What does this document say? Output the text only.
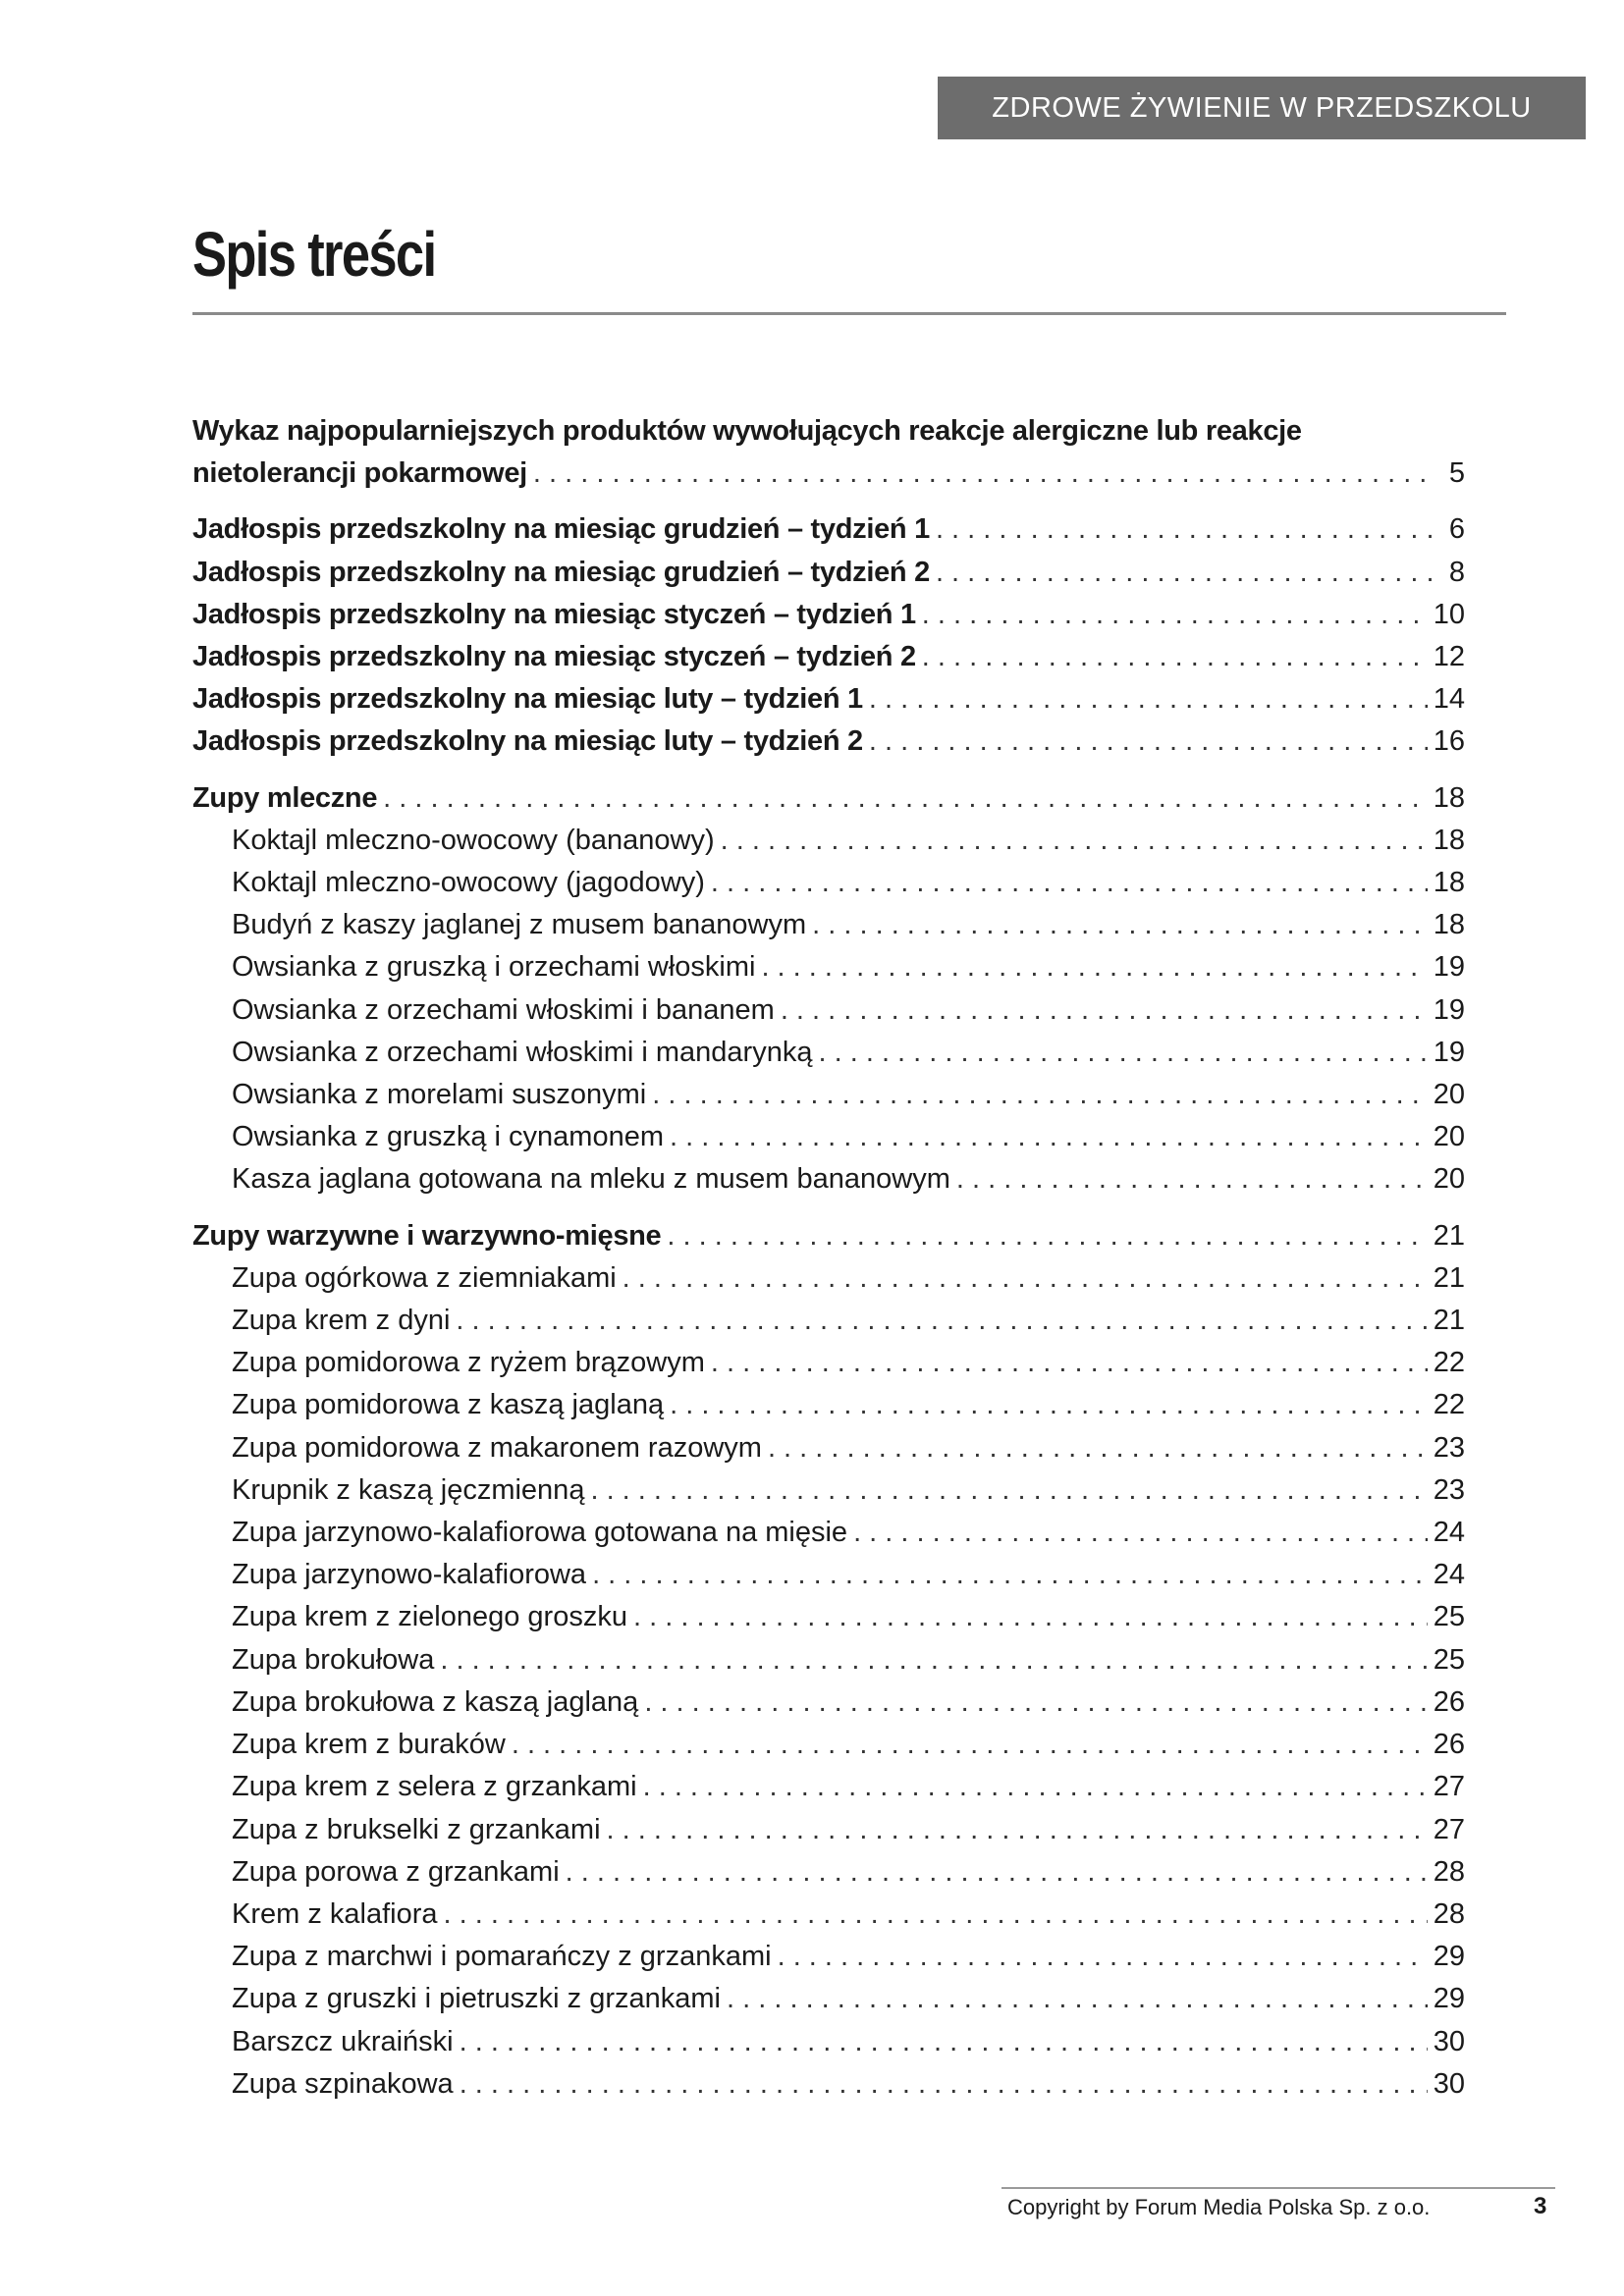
ZDROWE ŻYWIENIE W PRZEDSZKOLU
Spis treści
Wykaz najpopularniejszych produktów wywołujących reakcje alergiczne lub reakcje
nietolerancji pokarmowej . . .	5
Jadłospis przedszkolny na miesiąc grudzień – tydzień 1 . . .	6
Jadłospis przedszkolny na miesiąc grudzień – tydzień 2 . . .	8
Jadłospis przedszkolny na miesiąc styczeń – tydzień 1 . . .	10
Jadłospis przedszkolny na miesiąc styczeń – tydzień 2 . . .	12
Jadłospis przedszkolny na miesiąc luty – tydzień 1 . . .	14
Jadłospis przedszkolny na miesiąc luty – tydzień 2 . . .	16
Zupy mleczne . . .	18
Koktajl mleczno-owocowy (bananowy) . . .	18
Koktajl mleczno-owocowy (jagodowy) . . .	18
Budyń z kaszy jaglanej z musem bananowym . . .	18
Owsianka z gruszką i orzechami włoskimi . . .	19
Owsianka z orzechami włoskimi i bananem . . .	19
Owsianka z orzechami włoskimi i mandarynką . . .	19
Owsianka z morelami suszonymi . . .	20
Owsianka z gruszką i cynamonem . . .	20
Kasza jaglana gotowana na mleku z musem bananowym . . .	20
Zupy warzywne i warzywno-mięsne . . .	21
Zupa ogórkowa z ziemniakami . . .	21
Zupa krem z dyni . . .	21
Zupa pomidorowa z ryżem brązowym . . .	22
Zupa pomidorowa z kaszą jaglaną . . .	22
Zupa pomidorowa z makaronem razowym . . .	23
Krupnik z kaszą jęczmienną . . .	23
Zupa jarzynowo-kalafiorowa gotowana na mięsie . . .	24
Zupa jarzynowo-kalafiorowa . . .	24
Zupa krem z zielonego groszku . . .	25
Zupa brokułowa . . .	25
Zupa brokułowa z kaszą jaglaną . . .	26
Zupa krem z buraków . . .	26
Zupa krem z selera z grzankami . . .	27
Zupa z brukselki z grzankami . . .	27
Zupa porowa z grzankami . . .	28
Krem z kalafiora . . .	28
Zupa z marchwi i pomarańczy z grzankami . . .	29
Zupa z gruszki i pietruszki z grzankami . . .	29
Barszcz ukraiński . . .	30
Zupa szpinakowa . . .	30
Copyright by Forum Media Polska Sp. z o.o.	3
